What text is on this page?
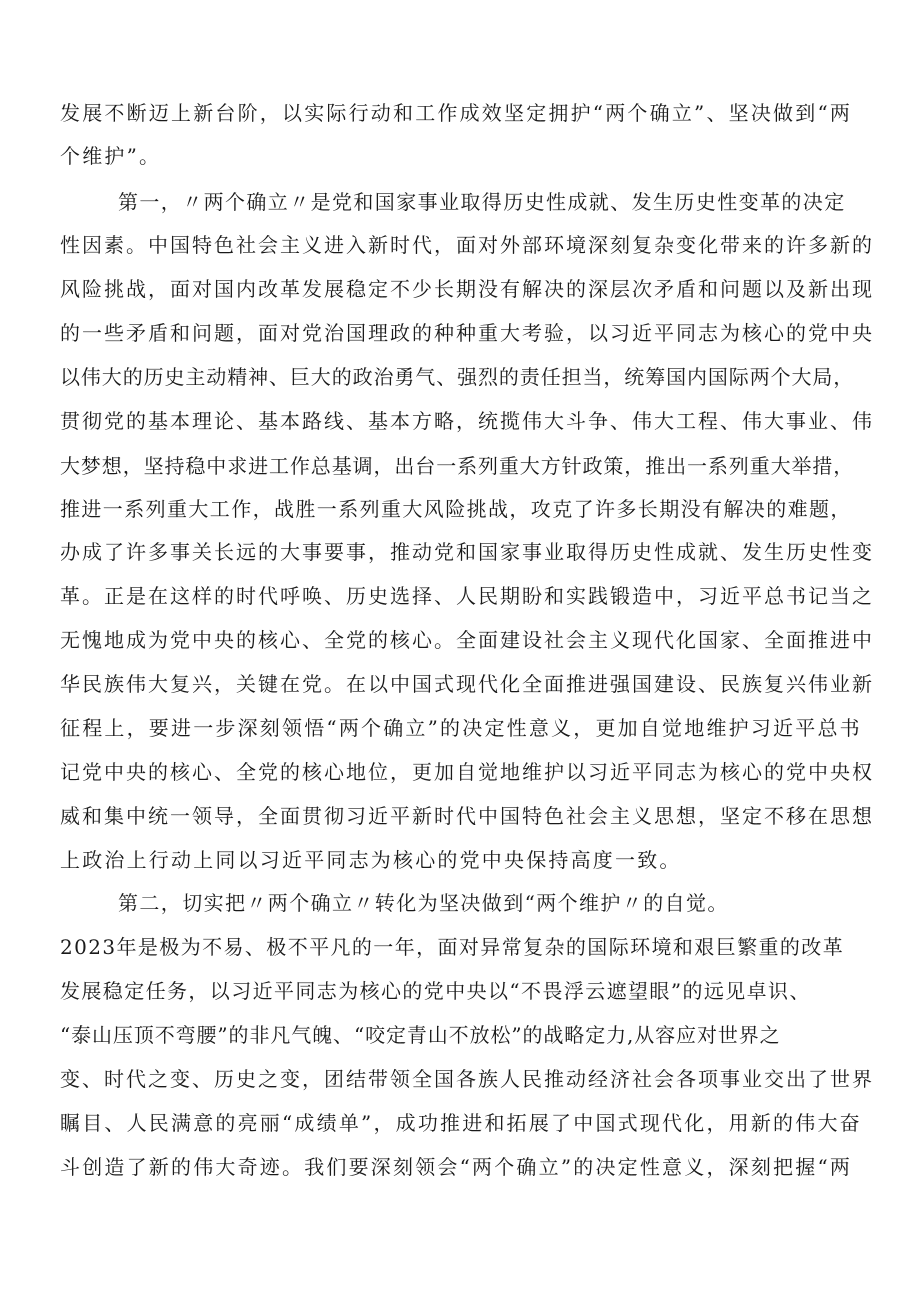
发展不断迈上新台阶，以实际行动和工作成效坚定拥护“两个确立”、坚决做到“两

个维护”。

第一，〃两个确立〃是党和国家事业取得历史性成就、发生历史性变革的决定

性因素。中国特色社会主义进入新时代，面对外部环境深刻复杂变化带来的许多新的

风险挑战，面对国内改革发展稳定不少长期没有解决的深层次矛盾和问题以及新出现

的一些矛盾和问题，面对党治国理政的种种重大考验，以习近平同志为核心的党中央

以伟大的历史主动精神、巨大的政治勇气、强烈的责任担当，统筹国内国际两个大局，

贯彻党的基本理论、基本路线、基本方略，统揽伟大斗争、伟大工程、伟大事业、伟

大梦想，坚持稳中求进工作总基调，出台一系列重大方针政策，推出一系列重大举措，

推进一系列重大工作，战胜一系列重大风险挑战，攻克了许多长期没有解决的难题，

办成了许多事关长远的大事要事，推动党和国家事业取得历史性成就、发生历史性变

革。正是在这样的时代呼唤、历史选择、人民期盼和实践锻造中，习近平总书记当之

无愧地成为党中央的核心、全党的核心。全面建设社会主义现代化国家、全面推进中

华民族伟大复兴，关键在党。在以中国式现代化全面推进强国建设、民族复兴伟业新

征程上，要进一步深刻领悟“两个确立”的决定性意义，更加自觉地维护习近平总书

记党中央的核心、全党的核心地位，更加自觉地维护以习近平同志为核心的党中央权

威和集中统一领导，全面贯彻习近平新时代中国特色社会主义思想，坚定不移在思想

上政治上行动上同以习近平同志为核心的党中央保持高度一致。

第二，切实把〃两个确立〃转化为坚决做到“两个维护〃的自觉。

2023年是极为不易、极不平凡的一年，面对异常复杂的国际环境和艰巨繁重的改革

发展稳定任务，以习近平同志为核心的党中央以“不畏浮云遮望眼”的远见卓识、

“泰山压顶不弯腰”的非凡气魄、“咬定青山不放松”的战略定力,从容应对世界之

变、时代之变、历史之变，团结带领全国各族人民推动经济社会各项事业交出了世界

瞩目、人民满意的亮丽“成绩单”，成功推进和拓展了中国式现代化，用新的伟大奋

斗创造了新的伟大奇迹。我们要深刻领会“两个确立”的决定性意义，深刻把握“两
